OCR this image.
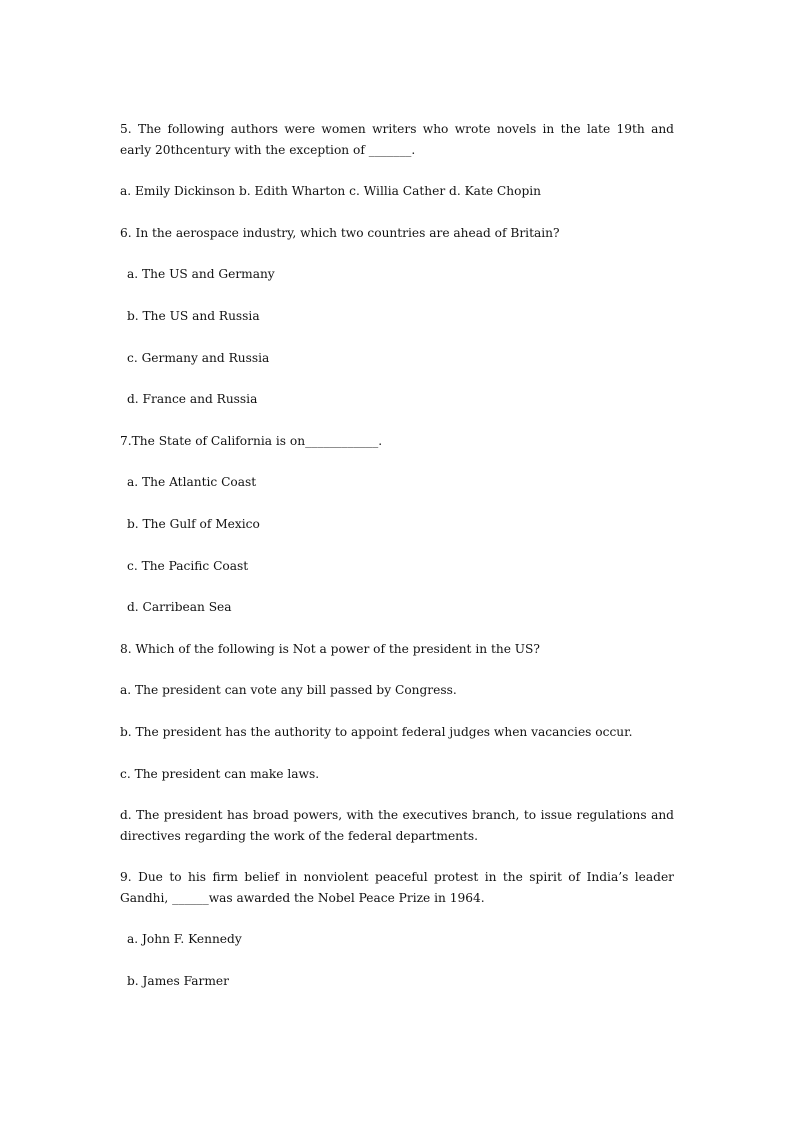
5. The following authors were women writers who wrote novels in the late 19th and early 20thcentury with the exception of _______.

a. Emily Dickinson b. Edith Wharton c. Willia Cather d. Kate Chopin

6. In the aerospace industry, which two countries are ahead of Britain?

a. The US and Germany

b. The US and Russia

c. Germany and Russia

d. France and Russia

7.The State of California is on____________.

a. The Atlantic Coast

b. The Gulf of Mexico

c. The Pacific Coast

d. Carribean Sea

8. Which of the following is Not a power of the president in the US?

a. The president can vote any bill passed by Congress.

b. The president has the authority to appoint federal judges when vacancies occur.

c. The president can make laws.

d. The president has broad powers, with the executives branch, to issue regulations and directives regarding the work of the federal departments.

9. Due to his firm belief in nonviolent peaceful protest in the spirit of India’s leader Gandhi, ______was awarded the Nobel Peace Prize in 1964.

a. John F. Kennedy

b. James Farmer
